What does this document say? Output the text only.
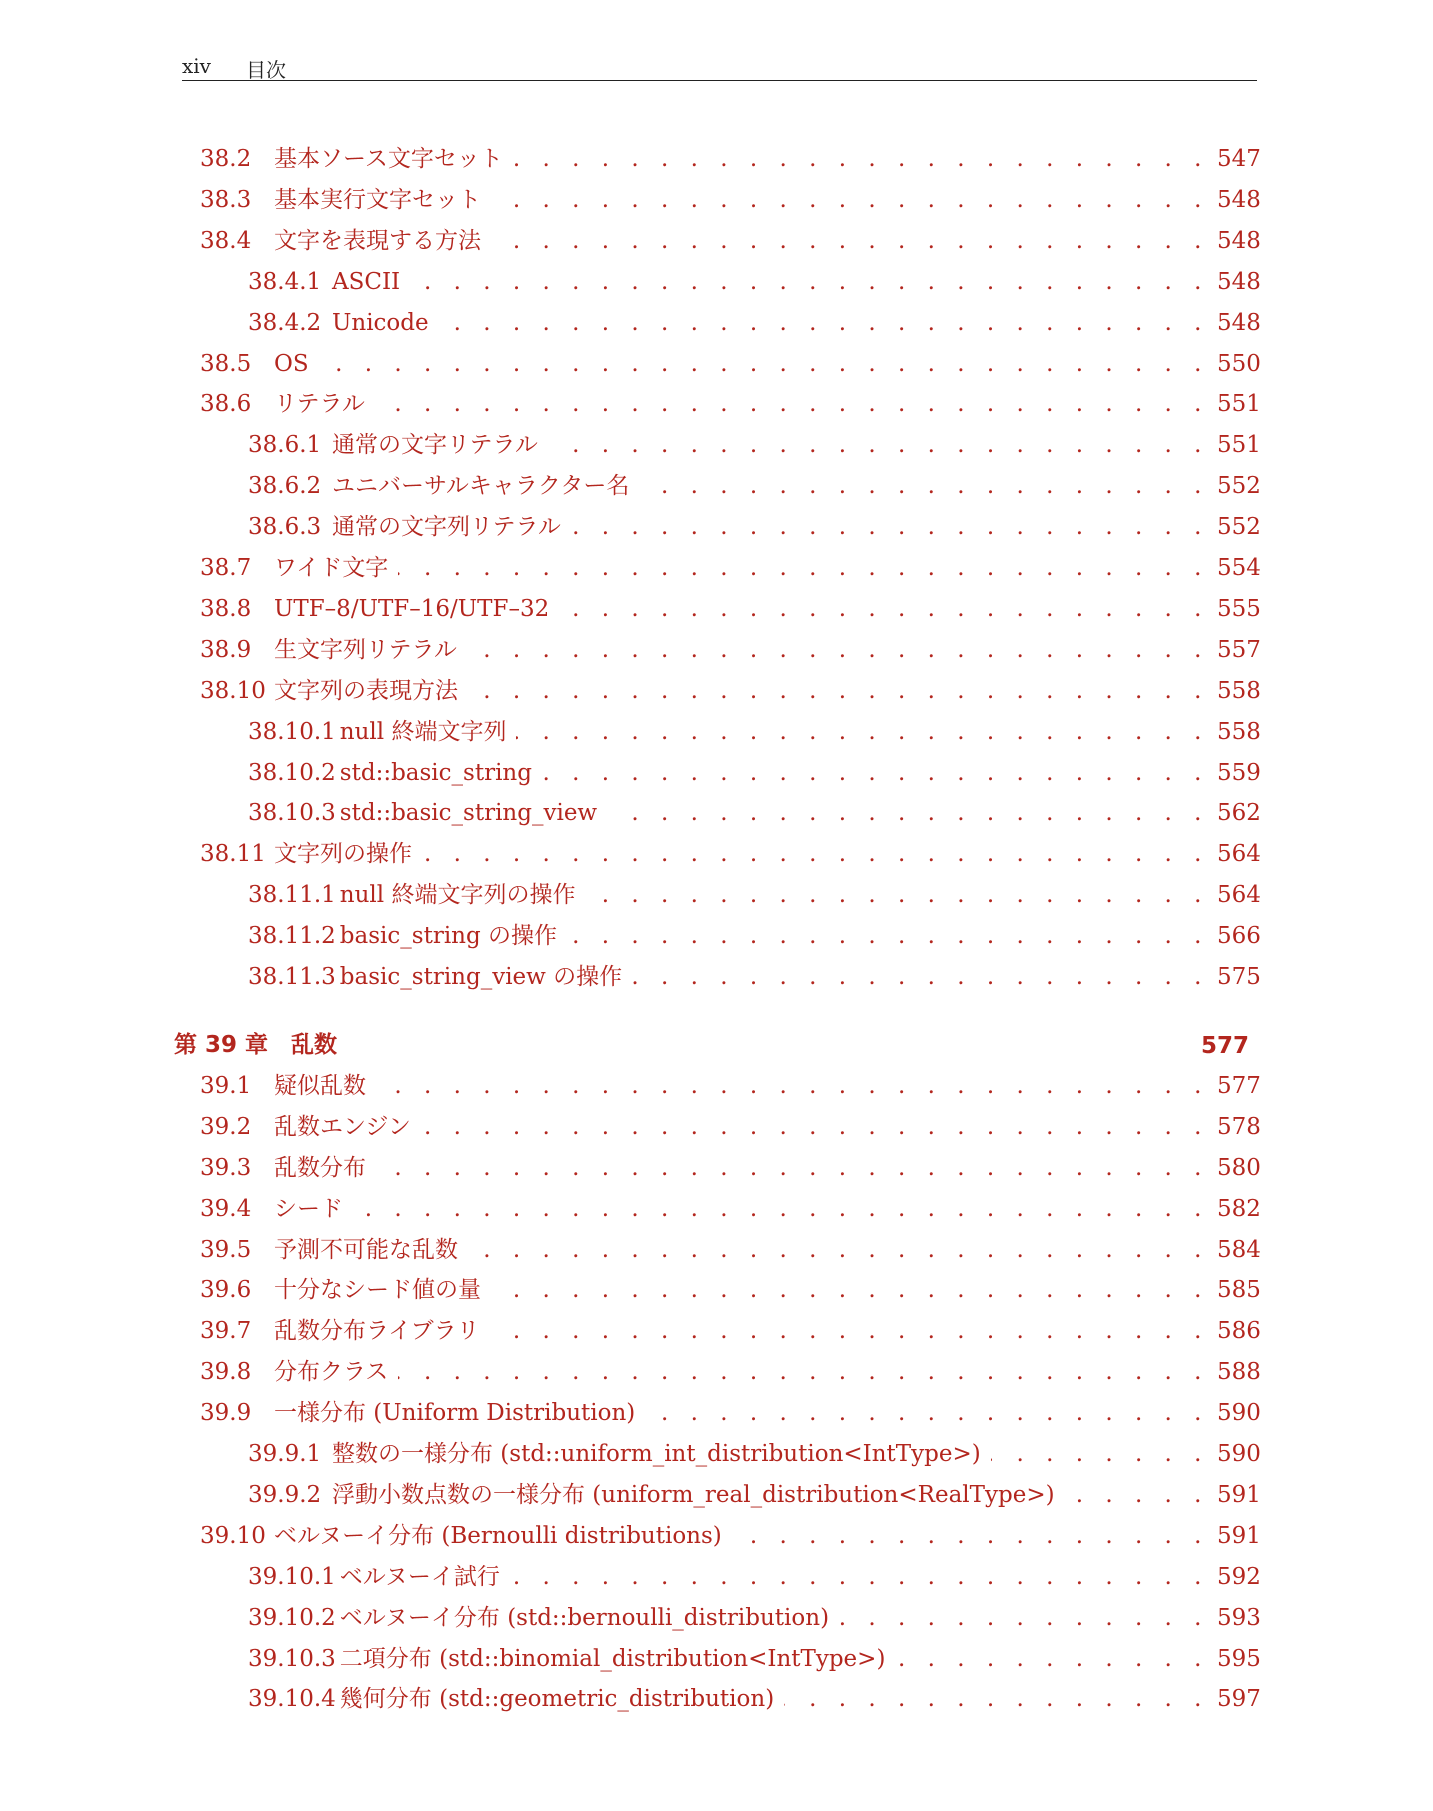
xiv 目次
38.2 基本ソース文字セット . . .	547
38.3 基本実行文字セット . . .	548
38.4 文字を表現する方法 . . .	548
38.4.1 ASCII . . .	548
38.4.2 Unicode . . .	548
38.5 OS . . .	550
38.6 リテラル . . .	551
38.6.1 通常の文字リテラル . . .	551
38.6.2 ユニバーサルキャラクター名 . . .	552
38.6.3 通常の文字列リテラル . . .	552
38.7 ワイド文字 . . .	554
38.8 UTF–8/UTF–16/UTF–32 . . .	555
38.9 生文字列リテラル . . .	557
38.10 文字列の表現方法 . . .	558
38.10.1 null 終端文字列 . . .	558
38.10.2 std::basic_string . . .	559
38.10.3 std::basic_string_view . . .	562
38.11 文字列の操作 . . .	564
38.11.1 null 終端文字列の操作 . . .	564
38.11.2 basic_string の操作 . . .	566
38.11.3 basic_string_view の操作 . . .	575
第 39 章　乱数	577
39.1 疑似乱数 . . .	577
39.2 乱数エンジン . . .	578
39.3 乱数分布 . . .	580
39.4 シード . . .	582
39.5 予測不可能な乱数 . . .	584
39.6 十分なシード値の量 . . .	585
39.7 乱数分布ライブラリ . . .	586
39.8 分布クラス . . .	588
39.9 一様分布 (Uniform Distribution) . . .	590
39.9.1 整数の一様分布 (std::uniform_int_distribution<IntType>) . . .	590
39.9.2 浮動小数点数の一様分布 (uniform_real_distribution<RealType>) . . .	591
39.10 ベルヌーイ分布 (Bernoulli distributions) . . .	591
39.10.1 ベルヌーイ試行 . . .	592
39.10.2 ベルヌーイ分布 (std::bernoulli_distribution) . . .	593
39.10.3 二項分布 (std::binomial_distribution<IntType>) . . .	595
39.10.4 幾何分布 (std::geometric_distribution) . . .	597
